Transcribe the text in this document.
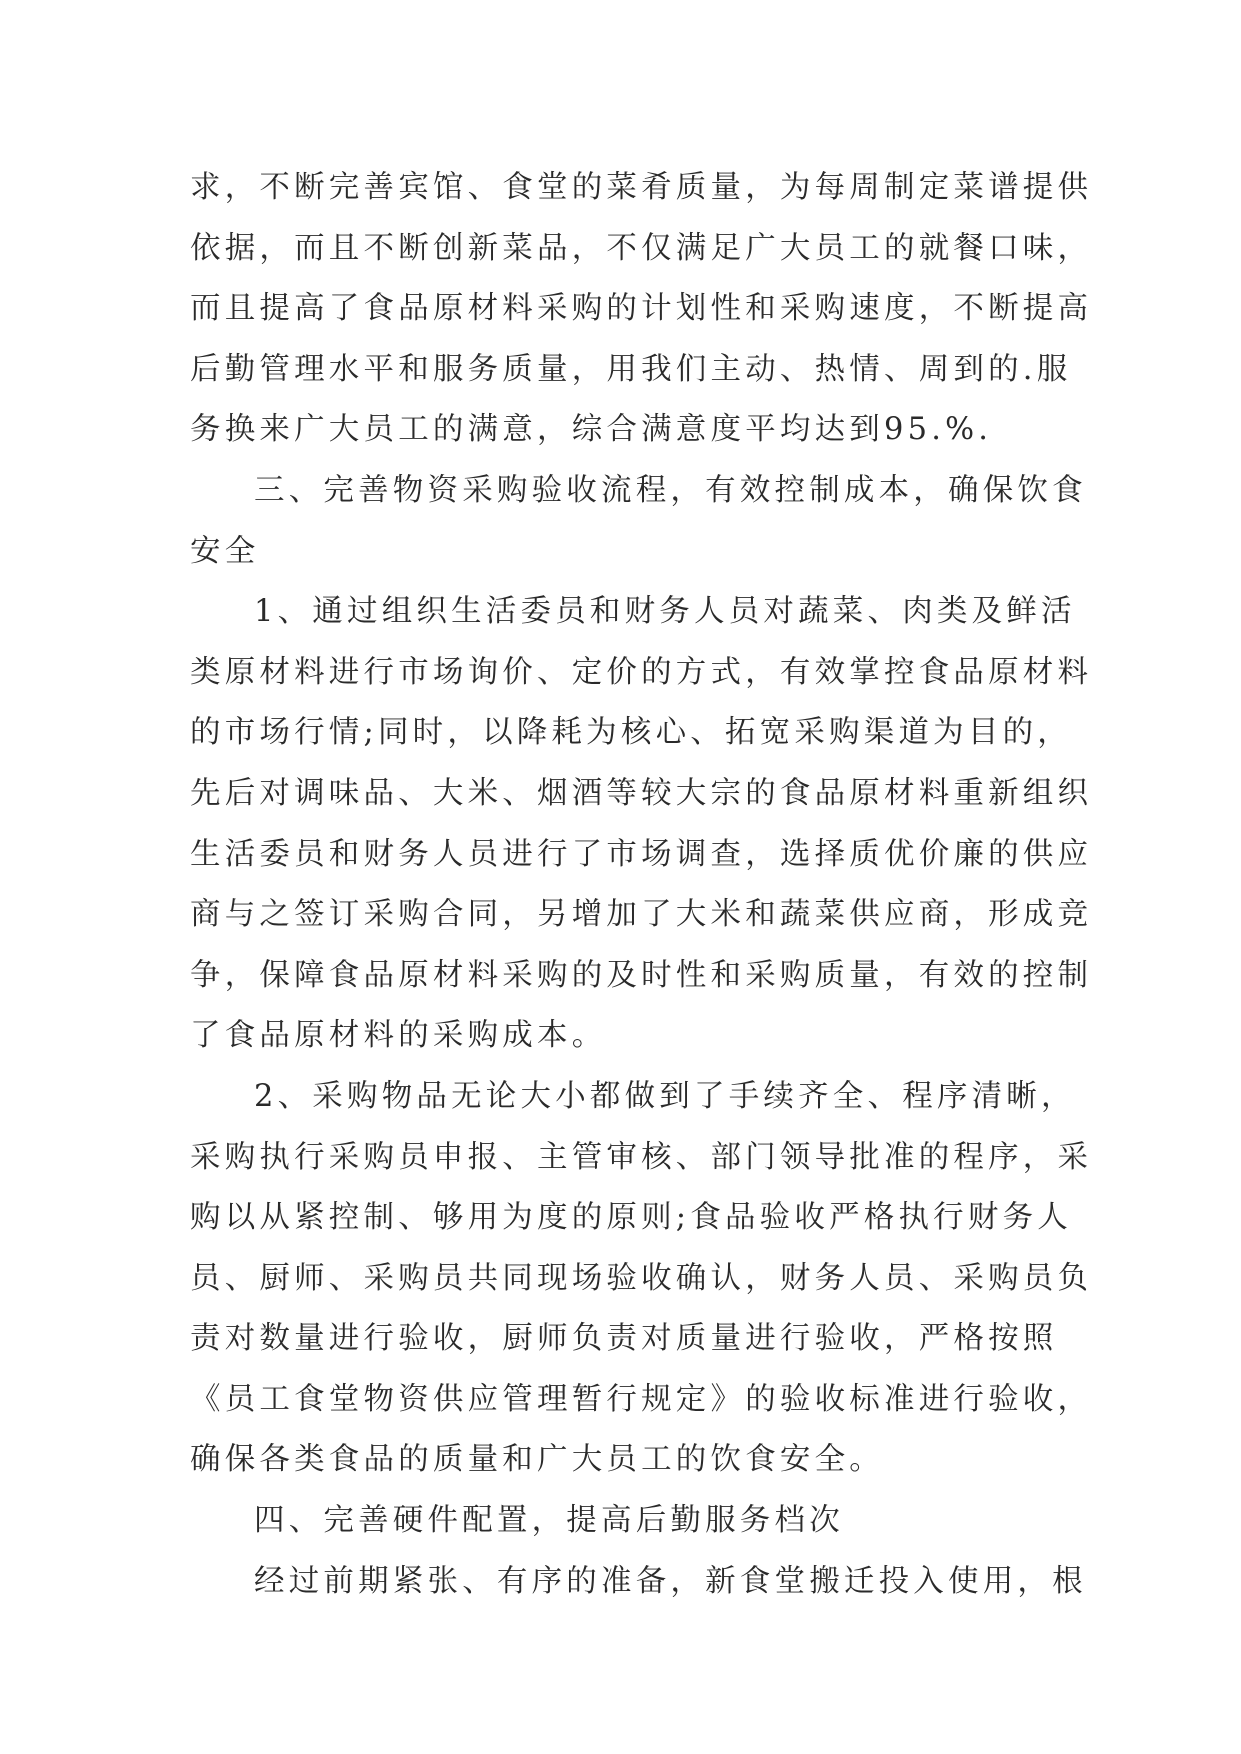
求，不断完善宾馆、食堂的菜肴质量，为每周制定菜谱提供
依据，而且不断创新菜品，不仅满足广大员工的就餐口味，
而且提高了食品原材料采购的计划性和采购速度，不断提高
后勤管理水平和服务质量，用我们主动、热情、周到的.服
务换来广大员工的满意，综合满意度平均达到95.%.
三、完善物资采购验收流程，有效控制成本，确保饮食
安全
1、通过组织生活委员和财务人员对蔬菜、肉类及鲜活
类原材料进行市场询价、定价的方式，有效掌控食品原材料
的市场行情;同时，以降耗为核心、拓宽采购渠道为目的，
先后对调味品、大米、烟酒等较大宗的食品原材料重新组织
生活委员和财务人员进行了市场调查，选择质优价廉的供应
商与之签订采购合同，另增加了大米和蔬菜供应商，形成竞
争，保障食品原材料采购的及时性和采购质量，有效的控制
了食品原材料的采购成本。
2、采购物品无论大小都做到了手续齐全、程序清晰，
采购执行采购员申报、主管审核、部门领导批准的程序，采
购以从紧控制、够用为度的原则;食品验收严格执行财务人
员、厨师、采购员共同现场验收确认，财务人员、采购员负
责对数量进行验收，厨师负责对质量进行验收，严格按照
《员工食堂物资供应管理暂行规定》的验收标准进行验收，
确保各类食品的质量和广大员工的饮食安全。
四、完善硬件配置，提高后勤服务档次
经过前期紧张、有序的准备，新食堂搬迁投入使用，根
